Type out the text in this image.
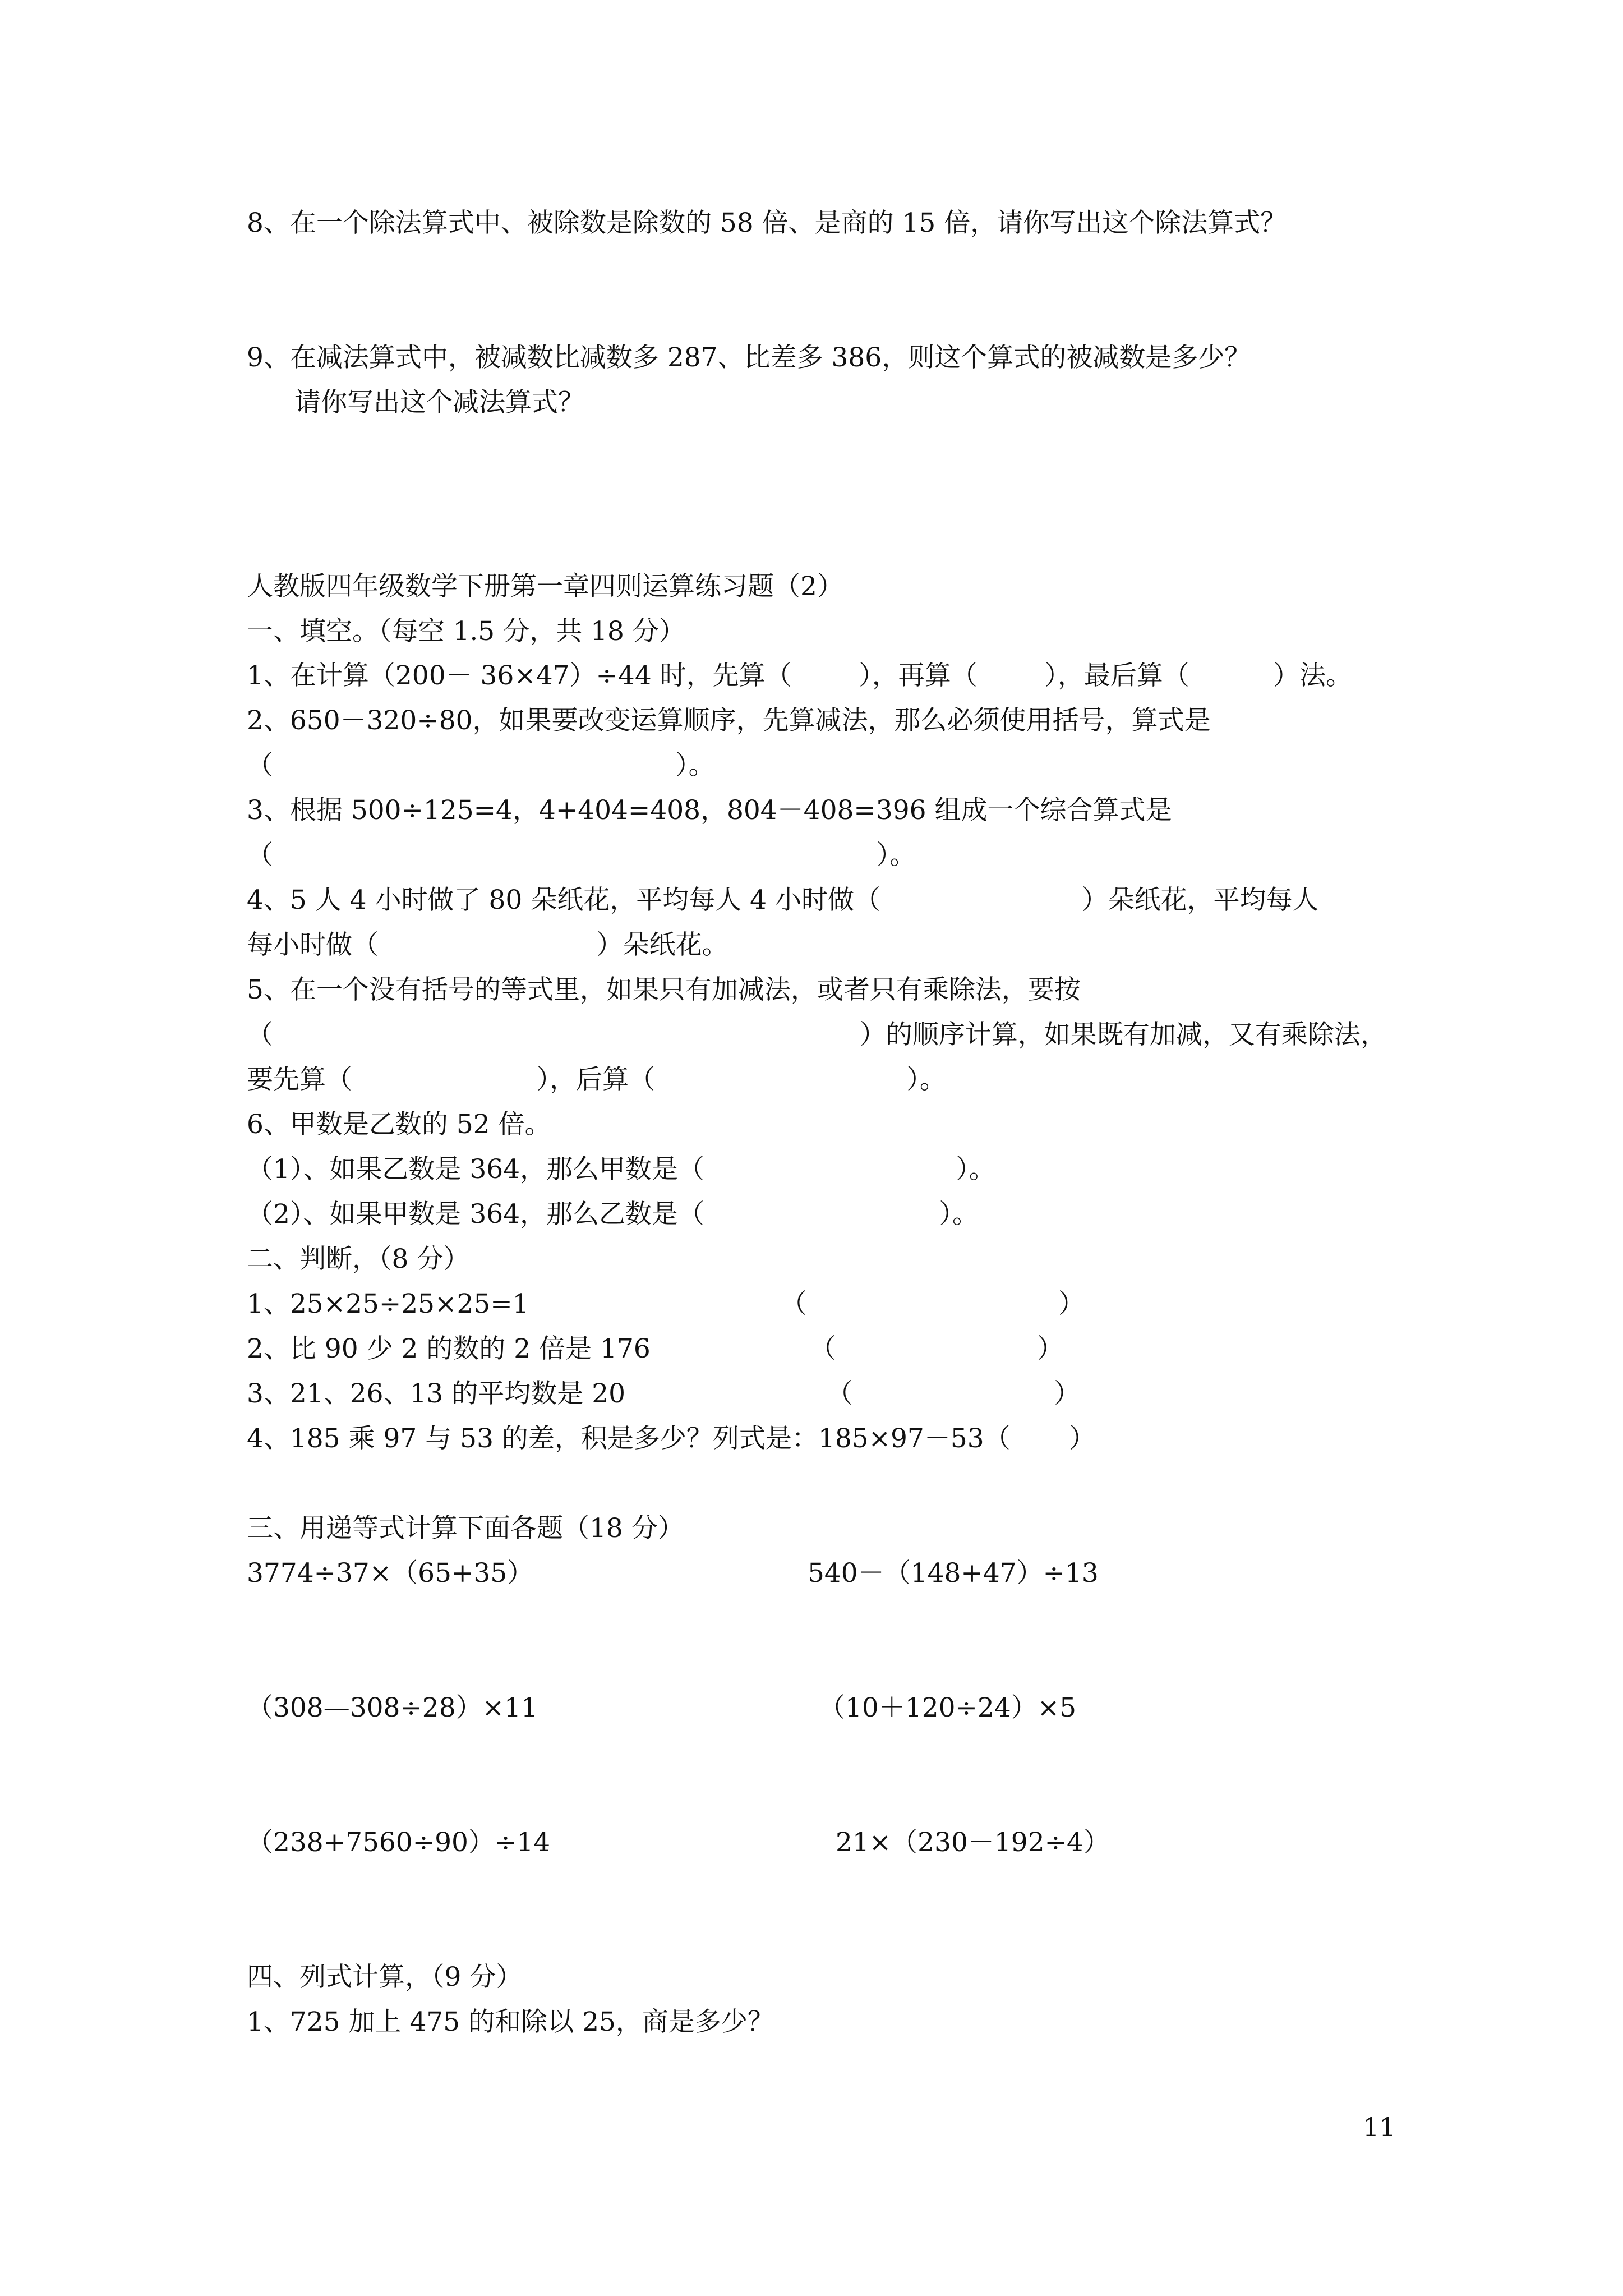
8、在一个除法算式中、被除数是除数的 58 倍、是商的 15 倍，请你写出这个除法算式？

9、在减法算式中，被减数比减数多 287、比差多 386，则这个算式的被减数是多少？

请你写出这个减法算式？

人教版四年级数学下册第一章四则运算练习题（2）

一、填空。（每空 1.5 分，共 18 分）

1、在计算（200－ 36×47）÷44 时，先算（        ），再算（        ），最后算（          ）法。

2、650－320÷80，如果要改变运算顺序，先算减法，那么必须使用括号，算式是

（                                                ）。

3、根据 500÷125=4，4+404=408，804－408=396 组成一个综合算式是

（                                                                        ）。

4、5 人 4 小时做了 80 朵纸花，平均每人 4 小时做（                        ）朵纸花，平均每人

每小时做（                          ）朵纸花。

5、在一个没有括号的等式里，如果只有加减法，或者只有乘除法，要按

（                                                                      ）的顺序计算，如果既有加减，又有乘除法，

要先算（                      ），后算（                              ）。

6、甲数是乙数的 52 倍。

（1）、如果乙数是 364，那么甲数是（                              ）。

（2）、如果甲数是 364，那么乙数是（                            ）。

二、判断，（8 分）

1、25×25÷25×25=1                              （                              ）

2、比 90 少 2 的数的 2 倍是 176                   （                        ）

3、21、26、13 的平均数是 20                        （                        ）

4、185 乘 97 与 53 的差，积是多少？列式是：185×97－53（       ）

三、用递等式计算下面各题（18 分）

3774÷37×（65+35）	540－（148+47）÷13

（308—308÷28）×11	（10＋120÷24）×5

（238+7560÷90）÷14	21×（230－192÷4）

四、列式计算，（9 分）

1、725 加上 475 的和除以 25，商是多少？

11
